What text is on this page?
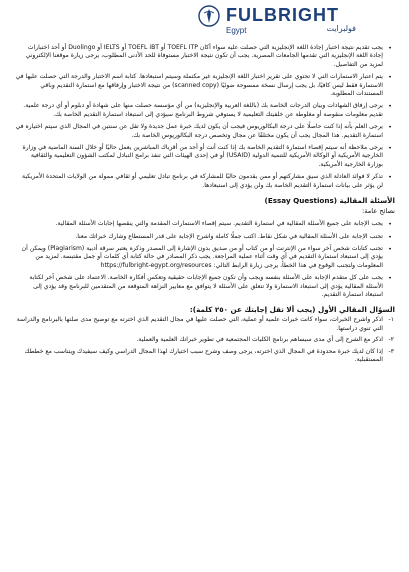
FULBRIGHT
Egypt	فولبرايت
• يجب تقديم نتيجة اختبار إجادة اللغة الإنجليزية التي حصلت عليه سواء أكان TOEFL ITP أو TOEFL iBT أو IELTS أو Duolingo أو أحد اختبارات إجادة اللغة الإنجليزية التي تقدمها الجامعات المصرية. يجب أن تكون نتيجة الاختبار مستوفاة للحد الأدنى المطلوب، يرجى زيارة موقعنا الإلكتروني لمزيد من التفاصيل.
• يتم اعتبار الاستمارات التي لا تحتوي على تقرير اختبار اللغة الإنجليزية غير مكتملة وسيتم استبعادها. كتابة اسم الاختبار والدرجة التي حصلت عليها في الاستمارة فقط ليس كافيًا، بل يجب إرسال نسخة ممسوحة ضوئيًا (scanned copy) من نتيجة الاختبار وإرفاقها مع استمارة التقديم وباقي المستندات المطلوبة.
• يرجى إرفاق الشهادات وبيان الدرجات الخاصة بك (باللغة العربية والإنجليزية) من أي مؤسسة حصلت منها على شهادة أو دبلوم أو أي درجة علمية. تقديم معلومات منقوصة أو مغلوطة عن خلفيتك التعليمية لا يستوفي شروط البرنامج سيؤدي إلى استبعاد استمارة التقديم الخاصة بك.
• يرجى العلم بأنه إذا كنت حاصلًا على درجة البكالوريوس فيجب أن يكون لديك خبرة عمل جديدة ولا تقل عن سنتين في المجال الذي سيتم اختياره في استمارة التقديم. هذا المجال يجب أن يكون مختلفًا عن مجال وتخصص درجة البكالوريوس الخاصة بك.
• يرجى ملاحظة أنه سيتم إقصاء استمارة التقديم الخاصة بك إذا كنت أنت أو أحد من أقرباك المباشرين يعمل حاليًا أو خلال السنة الماضية في وزارة الخارجية الأمريكية أو الوكالة الأمريكية للتنمية الدولية (USAID) أو في إحدى الهيئات التي تنفذ برامج التبادل لمكتب الشؤون التعليمية والثقافية بوزارة الخارجية الأمريكية.
• تذكر لا فوائد العادلة الذي سيق مشاركتهم أو ممن يقدمون حاليًا للمشاركة في برنامج تبادل تعليمي أو ثقافي ممولة من الولايات المتحدة الأمريكية لن يؤثر على بيانات استمارة التقديم الخاصة بك ولن يؤدي إلى استبعادها.
الأسئلة المقالية (Essay Questions)
نصائح عامة:
• يجب الإجابة على جميع الأسئلة المقالية في استمارة التقديم. سيتم إقصاء الاستمارات المقدمة والتي ينقصها إجابات الأسئلة المقالية.
• تجنب الإجابة على الأسئلة المقالية في شكل نقاط. اكتب جملًا كاملة واشرح الإجابة على قدر المستطاع وشارك خبراتك معنا.
• تجنب كتابات شخص آخر سواء من الإنترنت أو من كتاب أو من صديق بدون الإشارة إلى المصدر وذكره يعتبر سرقة أدبية (Plagiarism) ويمكن أن يؤدي إلى استبعاد استمارة التقديم في أي وقت أثناء عملية المراجعة. يجب ذكر المصادر في حالة كتابة أي كلمات أو جمل مقتبسة. لمزيد من المعلومات ولتجنب الوقوع في هذا الخطأ، يرجى زيارة الرابط التالي: https://fulbright-egypt.org/resources
• يجب على كل متقدم الإجابة على الأسئلة بنفسه ويجب وأن تكون جميع الإجابات حقيقية وتعكس أفكاره الخاصة. الاعتماد على شخص آخر لكتابة الأسئلة المقالية يؤدي إلى استبعاد الاستمارة ولا تتعلق على الأسئلة لا يتوافق مع معايير النزاهة المتوقعة من المتقدمين للبرنامج وقد يؤدي إلى استبعاد استمارة التقديم.
السؤال المقالي الأول (يجب ألا تقل إجابتك عن ٢٥٠ كلمة):
١-
اذكر واشرح الخبرات، سواء كانت خبرات علمية أو عملية، التي حصلت عليها في مجال التقديم الذي اخترته مع توضيح مدى صلتها بالبرنامج والدراسة التي تنوي دراستها.
٢-
اذكر مع الشرح إلى أي مدى سيساهم برنامج الكليات المجتمعية في تطوير خبراتك العلمية والعملية.
٣-
إذا كان لديك خبرة محدودة في المجال الذي اخترته، يرجى وصف وشرح سبب اختيارك لهذا المجال الدراسي وكيف سيفيدك ويتناسب مع خططك المستقبلية.
